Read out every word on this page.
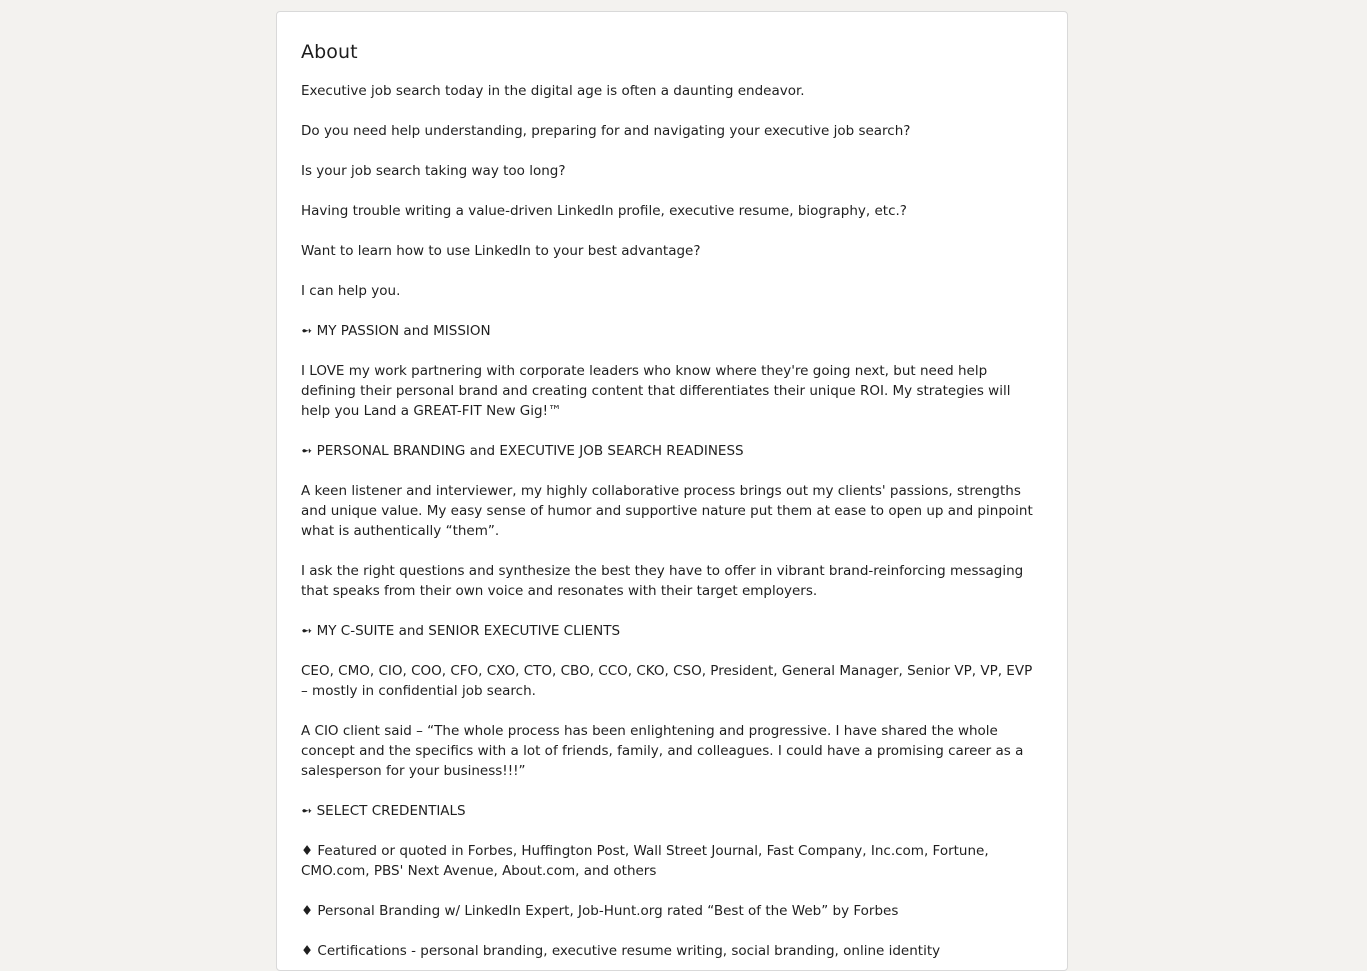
About

Executive job search today in the digital age is often a daunting endeavor.

Do you need help understanding, preparing for and navigating your executive job search?

Is your job search taking way too long?

Having trouble writing a value-driven LinkedIn profile, executive resume, biography, etc.?

Want to learn how to use LinkedIn to your best advantage?

I can help you.

➻ MY PASSION and MISSION

I LOVE my work partnering with corporate leaders who know where they're going next, but need help defining their personal brand and creating content that differentiates their unique ROI. My strategies will help you Land a GREAT-FIT New Gig!™

➻ PERSONAL BRANDING and EXECUTIVE JOB SEARCH READINESS

A keen listener and interviewer, my highly collaborative process brings out my clients' passions, strengths and unique value. My easy sense of humor and supportive nature put them at ease to open up and pinpoint what is authentically “them”.

I ask the right questions and synthesize the best they have to offer in vibrant brand-reinforcing messaging that speaks from their own voice and resonates with their target employers.

➻ MY C-SUITE and SENIOR EXECUTIVE CLIENTS

CEO, CMO, CIO, COO, CFO, CXO, CTO, CBO, CCO, CKO, CSO, President, General Manager, Senior VP, VP, EVP – mostly in confidential job search.

A CIO client said – “The whole process has been enlightening and progressive. I have shared the whole concept and the specifics with a lot of friends, family, and colleagues. I could have a promising career as a salesperson for your business!!!”

➻ SELECT CREDENTIALS

♦ Featured or quoted in Forbes, Huffington Post, Wall Street Journal, Fast Company, Inc.com, Fortune, CMO.com, PBS' Next Avenue, About.com, and others

♦ Personal Branding w/ LinkedIn Expert, Job-Hunt.org rated “Best of the Web” by Forbes

♦ Certifications - personal branding, executive resume writing, social branding, online identity
